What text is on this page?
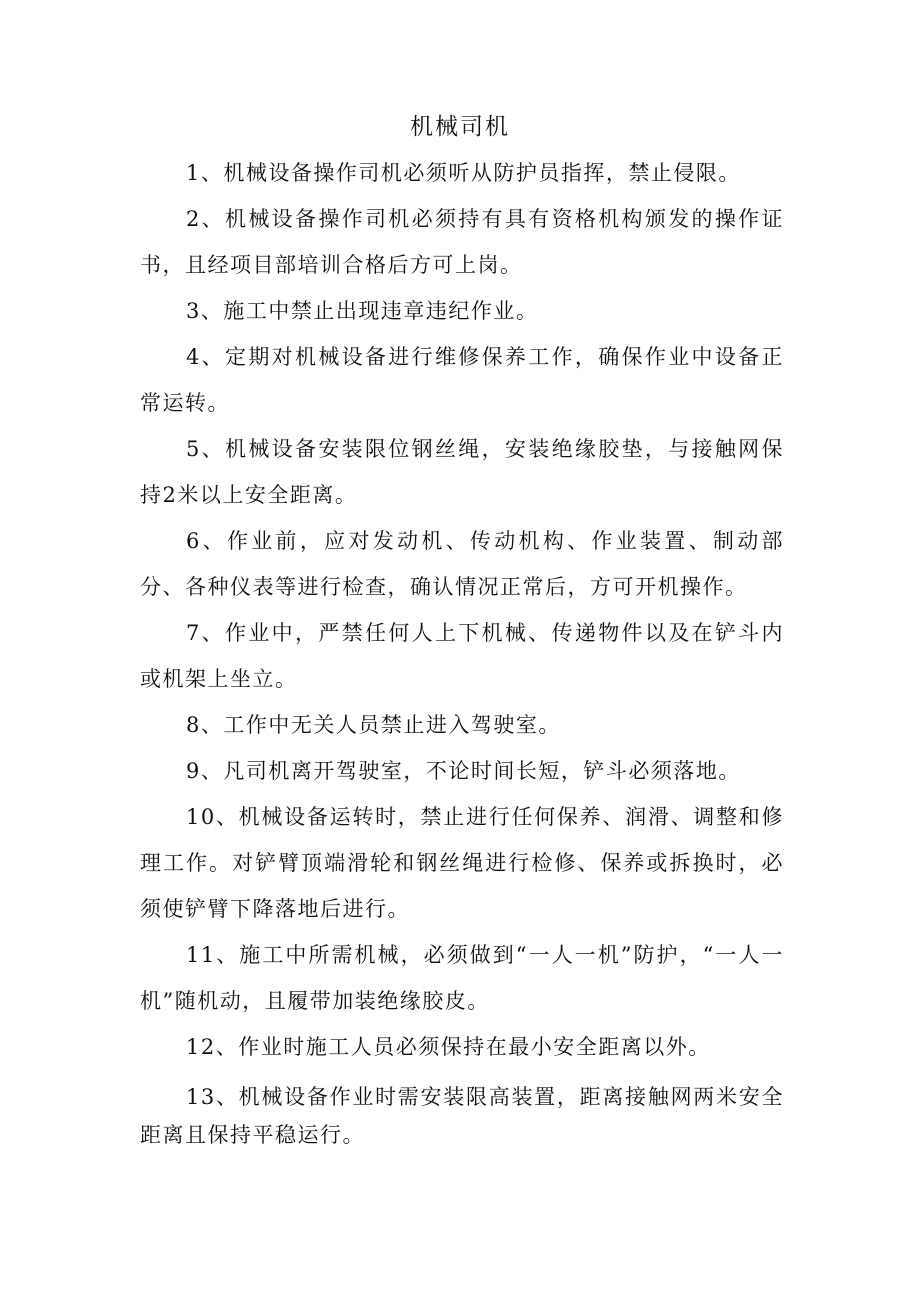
机械司机

1、机械设备操作司机必须听从防护员指挥，禁止侵限。

2、机械设备操作司机必须持有具有资格机构颁发的操作证书，且经项目部培训合格后方可上岗。

3、施工中禁止出现违章违纪作业。

4、定期对机械设备进行维修保养工作，确保作业中设备正常运转。

5、机械设备安装限位钢丝绳，安装绝缘胶垫，与接触网保持2米以上安全距离。

6、作业前，应对发动机、传动机构、作业装置、制动部分、各种仪表等进行检查，确认情况正常后，方可开机操作。

7、作业中，严禁任何人上下机械、传递物件以及在铲斗内或机架上坐立。

8、工作中无关人员禁止进入驾驶室。

9、凡司机离开驾驶室，不论时间长短，铲斗必须落地。

10、机械设备运转时，禁止进行任何保养、润滑、调整和修理工作。对铲臂顶端滑轮和钢丝绳进行检修、保养或拆换时，必须使铲臂下降落地后进行。

11、施工中所需机械，必须做到“一人一机”防护，“一人一机”随机动，且履带加装绝缘胶皮。

12、作业时施工人员必须保持在最小安全距离以外。

13、机械设备作业时需安装限高装置，距离接触网两米安全距离且保持平稳运行。
